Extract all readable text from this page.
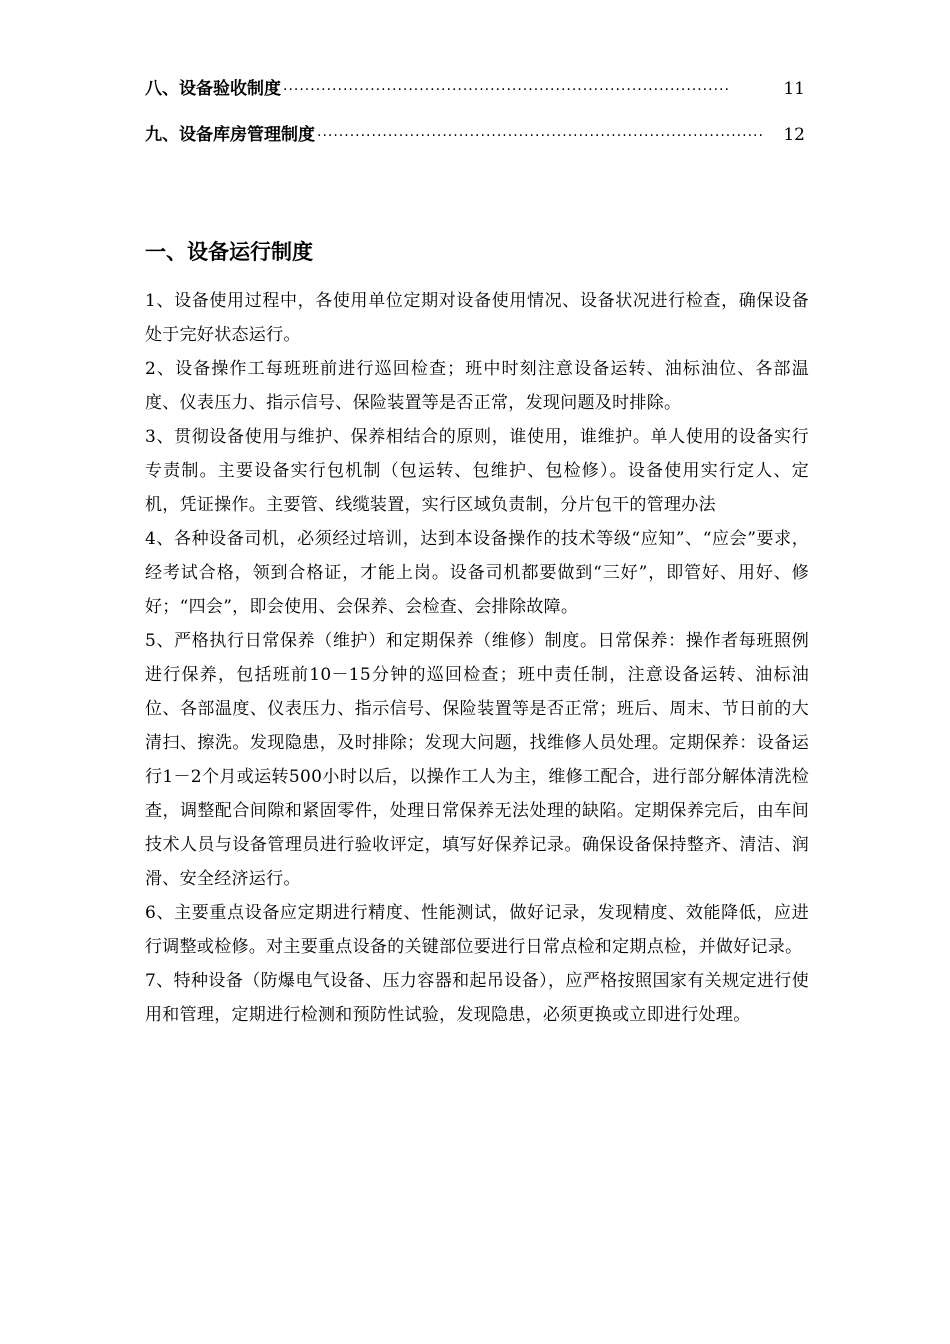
八、设备验收制度 ··················································································	11
九、设备库房管理制度 ··················································································	12
一、设备运行制度

1、设备使用过程中，各使用单位定期对设备使用情况、设备状况进行检查，确保设备处于完好状态运行。

2、设备操作工每班班前进行巡回检查；班中时刻注意设备运转、油标油位、各部温度、仪表压力、指示信号、保险装置等是否正常，发现问题及时排除。

3、贯彻设备使用与维护、保养相结合的原则，谁使用，谁维护。单人使用的设备实行专责制。主要设备实行包机制（包运转、包维护、包检修）。设备使用实行定人、定机，凭证操作。主要管、线缆装置，实行区域负责制，分片包干的管理办法

4、各种设备司机，必须经过培训，达到本设备操作的技术等级“应知”、“应会”要求，经考试合格，领到合格证，才能上岗。设备司机都要做到“三好”，即管好、用好、修好；“四会”，即会使用、会保养、会检查、会排除故障。

5、严格执行日常保养（维护）和定期保养（维修）制度。日常保养：操作者每班照例进行保养，包括班前10－15分钟的巡回检查；班中责任制，注意设备运转、油标油位、各部温度、仪表压力、指示信号、保险装置等是否正常；班后、周末、节日前的大清扫、擦洗。发现隐患，及时排除；发现大问题，找维修人员处理。定期保养：设备运行1－2个月或运转500小时以后，以操作工人为主，维修工配合，进行部分解体清洗检查，调整配合间隙和紧固零件，处理日常保养无法处理的缺陷。定期保养完后，由车间技术人员与设备管理员进行验收评定，填写好保养记录。确保设备保持整齐、清洁、润滑、安全经济运行。

6、主要重点设备应定期进行精度、性能测试，做好记录，发现精度、效能降低，应进行调整或检修。对主要重点设备的关键部位要进行日常点检和定期点检，并做好记录。

7、特种设备（防爆电气设备、压力容器和起吊设备），应严格按照国家有关规定进行使用和管理，定期进行检测和预防性试验，发现隐患，必须更换或立即进行处理。
